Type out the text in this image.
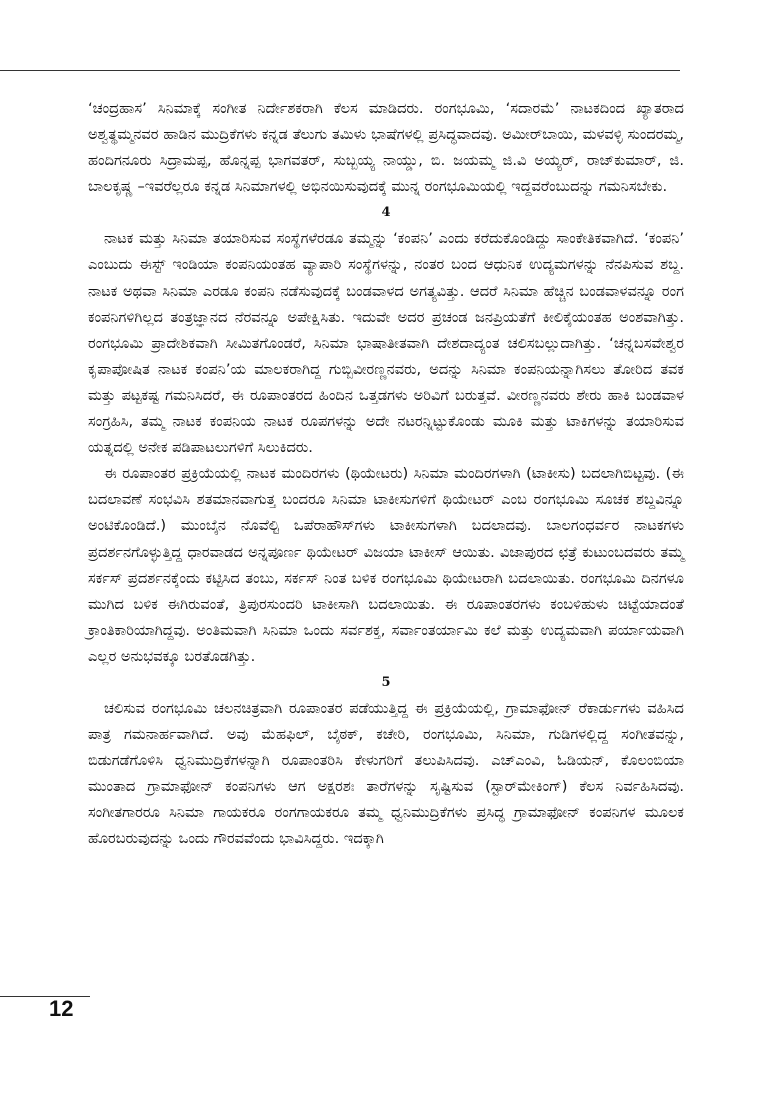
‘ಚಂದ್ರಹಾಸ’ ಸಿನಿಮಾಕ್ಕೆ ಸಂಗೀತ ನಿರ್ದೇಶಕರಾಗಿ ಕೆಲಸ ಮಾಡಿದರು. ರಂಗಭೂಮಿ, ‘ಸದಾರಮೆ’ ನಾಟಕದಿಂದ ಖ್ಯಾತರಾದ ಅಶ್ವತ್ಥಮ್ಮನವರ ಹಾಡಿನ ಮುದ್ರಿಕೆಗಳು ಕನ್ನಡ ತೆಲುಗು ತಮಿಳು ಭಾಷೆಗಳಲ್ಲಿ ಪ್ರಸಿದ್ಧವಾದವು. ಅಮೀರ್‌ಬಾಯಿ, ಮಳವಳ್ಳಿ ಸುಂದರಮ್ಮ, ಹಂದಿಗನೂರು ಸಿದ್ರಾಮಪ್ಪ, ಹೊನ್ನಪ್ಪ ಭಾಗವತರ್, ಸುಬ್ಬಯ್ಯ ನಾಯ್ಡು, ಬಿ. ಜಯಮ್ಮ ಜಿ.ವಿ ಅಯ್ಯರ್, ರಾಜ್‌ಕುಮಾರ್, ಜಿ. ಬಾಲಕೃಷ್ಣ –ಇವರೆಲ್ಲರೂ ಕನ್ನಡ ಸಿನಿಮಾಗಳಲ್ಲಿ ಅಭಿನಯಿಸುವುದಕ್ಕೆ ಮುನ್ನ ರಂಗಭೂಮಿಯಲ್ಲಿ ಇದ್ದವರೆಂಬುದನ್ನು ಗಮನಿಸಬೇಕು.

4

ನಾಟಕ ಮತ್ತು ಸಿನಿಮಾ ತಯಾರಿಸುವ ಸಂಸ್ಥೆಗಳೆರಡೂ ತಮ್ಮನ್ನು ‘ಕಂಪನಿ’ ಎಂದು ಕರೆದುಕೊಂಡಿದ್ದು ಸಾಂಕೇತಿಕವಾಗಿದೆ. ‘ಕಂಪನಿ’ ಎಂಬುದು ಈಸ್ಟ್ ಇಂಡಿಯಾ ಕಂಪನಿಯಂತಹ ವ್ಯಾಪಾರಿ ಸಂಸ್ಥೆಗಳನ್ನು, ನಂತರ ಬಂದ ಆಧುನಿಕ ಉದ್ಯಮಗಳನ್ನು ನೆನಪಿಸುವ ಶಬ್ದ. ನಾಟಕ ಅಥವಾ ಸಿನಿಮಾ ಎರಡೂ ಕಂಪನಿ ನಡೆಸುವುದಕ್ಕೆ ಬಂಡವಾಳದ ಅಗತ್ಯವಿತ್ತು. ಆದರೆ ಸಿನಿಮಾ ಹೆಚ್ಚಿನ ಬಂಡವಾಳವನ್ನೂ ರಂಗ ಕಂಪನಿಗಳಿಗಿಲ್ಲದ ತಂತ್ರಜ್ಞಾನದ ನೆರವನ್ನೂ ಅಪೇಕ್ಷಿಸಿತು. ಇದುವೇ ಅದರ ಪ್ರಚಂಡ ಜನಪ್ರಿಯತೆಗೆ ಕೀಲಿಕೈಯಂತಹ ಅಂಶವಾಗಿತ್ತು. ರಂಗಭೂಮಿ ಪ್ರಾದೇಶಿಕವಾಗಿ ಸೀಮಿತಗೊಂಡರೆ, ಸಿನಿಮಾ ಭಾಷಾತೀತವಾಗಿ ದೇಶದಾದ್ಯಂತ ಚಲಿಸಬಲ್ಲುದಾಗಿತ್ತು. ‘ಚನ್ನಬಸವೇಶ್ವರ ಕೃಪಾಪೋಷಿತ ನಾಟಕ ಕಂಪನಿ’ಯ ಮಾಲಕರಾಗಿದ್ದ ಗುಬ್ಬಿವೀರಣ್ಣನವರು, ಅದನ್ನು ಸಿನಿಮಾ ಕಂಪನಿಯನ್ನಾಗಿಸಲು ತೋರಿದ ತವಕ ಮತ್ತು ಪಟ್ಟಕಷ್ಟ ಗಮನಿಸಿದರೆ, ಈ ರೂಪಾಂತರದ ಹಿಂದಿನ ಒತ್ತಡಗಳು ಅರಿವಿಗೆ ಬರುತ್ತವೆ. ವೀರಣ್ಣನವರು ಶೇರು ಹಾಕಿ ಬಂಡವಾಳ ಸಂಗ್ರಹಿಸಿ, ತಮ್ಮ ನಾಟಕ ಕಂಪನಿಯ ನಾಟಕ ರೂಪಗಳನ್ನು ಅದೇ ನಟರನ್ನಿಟ್ಟುಕೊಂಡು ಮೂಕಿ ಮತ್ತು ಟಾಕಿಗಳನ್ನು ತಯಾರಿಸುವ ಯತ್ನದಲ್ಲಿ ಅನೇಕ ಪಡಿಪಾಟಲುಗಳಿಗೆ ಸಿಲುಕಿದರು.

ಈ ರೂಪಾಂತರ ಪ್ರಕ್ರಿಯೆಯಲ್ಲಿ ನಾಟಕ ಮಂದಿರಗಳು (ಥಿಯೇಟರು) ಸಿನಿಮಾ ಮಂದಿರಗಳಾಗಿ (ಟಾಕೀಸು) ಬದಲಾಗಿಬಿಟ್ಟವು. (ಈ ಬದಲಾವಣೆ ಸಂಭವಿಸಿ ಶತಮಾನವಾಗುತ್ತ ಬಂದರೂ ಸಿನಿಮಾ ಟಾಕೀಸುಗಳಿಗೆ ಥಿಯೇಟರ್ ಎಂಬ ರಂಗಭೂಮಿ ಸೂಚಕ ಶಬ್ದವಿನ್ನೂ ಅಂಟಿಕೊಂಡಿದೆ.) ಮುಂಬೈನ ನೊವೆಲ್ಟಿ ಒಪೆರಾಹೌಸ್‌ಗಳು ಟಾಕೀಸುಗಳಾಗಿ ಬದಲಾದವು. ಬಾಲಗಂಧರ್ವರ ನಾಟಕಗಳು ಪ್ರದರ್ಶನಗೊಳ್ಳುತ್ತಿದ್ದ ಧಾರವಾಡದ ಅನ್ನಪೂರ್ಣ ಥಿಯೇಟರ್ ವಿಜಯಾ ಟಾಕೀಸ್ ಆಯಿತು. ವಿಜಾಪುರದ ಛತ್ರೆ ಕುಟುಂಬದವರು ತಮ್ಮ ಸರ್ಕಸ್ ಪ್ರದರ್ಶನಕ್ಕೆಂದು ಕಟ್ಟಿಸಿದ ತಂಬು, ಸರ್ಕಸ್ ನಿಂತ ಬಳಿಕ ರಂಗಭೂಮಿ ಥಿಯೇಟರಾಗಿ ಬದಲಾಯಿತು. ರಂಗಭೂಮಿ ದಿನಗಳೂ ಮುಗಿದ ಬಳಿಕ ಈಗಿರುವಂತೆ, ತ್ರಿಪುರಸುಂದರಿ ಟಾಕೀಸಾಗಿ ಬದಲಾಯಿತು. ಈ ರೂಪಾಂತರಗಳು ಕಂಬಳಿಹುಳು ಚಿಟ್ಟೆಯಾದಂತೆ ಕ್ರಾಂತಿಕಾರಿಯಾಗಿದ್ದವು. ಅಂತಿಮವಾಗಿ ಸಿನಿಮಾ ಒಂದು ಸರ್ವಶಕ್ತ, ಸರ್ವಾಂತರ್ಯಾಮಿ ಕಲೆ ಮತ್ತು ಉದ್ಯಮವಾಗಿ ಪರ್ಯಾಯವಾಗಿ ಎಲ್ಲರ ಅನುಭವಕ್ಕೂ ಬರತೊಡಗಿತ್ತು.

5

ಚಲಿಸುವ ರಂಗಭೂಮಿ ಚಲನಚಿತ್ರವಾಗಿ ರೂಪಾಂತರ ಪಡೆಯುತ್ತಿದ್ದ ಈ ಪ್ರಕ್ರಿಯೆಯಲ್ಲಿ, ಗ್ರಾಮಾಫೋನ್ ರೆಕಾರ್ಡುಗಳು ವಹಿಸಿದ ಪಾತ್ರ ಗಮನಾರ್ಹವಾಗಿದೆ. ಅವು ಮೆಹಫಿಲ್, ಬೈಠಕ್, ಕಚೇರಿ, ರಂಗಭೂಮಿ, ಸಿನಿಮಾ, ಗುಡಿಗಳಲ್ಲಿದ್ದ ಸಂಗೀತವನ್ನು, ಬಿಡುಗಡೆಗೊಳಿಸಿ ಧ್ವನಿಮುದ್ರಿಕೆಗಳನ್ನಾಗಿ ರೂಪಾಂತರಿಸಿ ಕೇಳುಗರಿಗೆ ತಲುಪಿಸಿದವು. ಎಚ್ಎಂವಿ, ಓಡಿಯನ್, ಕೊಲಂಬಿಯಾ ಮುಂತಾದ ಗ್ರಾಮಾಫೋನ್ ಕಂಪನಿಗಳು ಆಗ ಅಕ್ಷರಶಃ ತಾರೆಗಳನ್ನು ಸೃಷ್ಟಿಸುವ (ಸ್ಟಾರ್‌ಮೇಕಿಂಗ್) ಕೆಲಸ ನಿರ್ವಹಿಸಿದವು. ಸಂಗೀತಗಾರರೂ ಸಿನಿಮಾ ಗಾಯಕರೂ ರಂಗಗಾಯಕರೂ ತಮ್ಮ ಧ್ವನಿಮುದ್ರಿಕೆಗಳು ಪ್ರಸಿದ್ಧ ಗ್ರಾಮಾಫೋನ್ ಕಂಪನಿಗಳ ಮೂಲಕ ಹೊರಬರುವುದನ್ನು ಒಂದು ಗೌರವವೆಂದು ಭಾವಿಸಿದ್ದರು. ಇದಕ್ಕಾಗಿ

12
